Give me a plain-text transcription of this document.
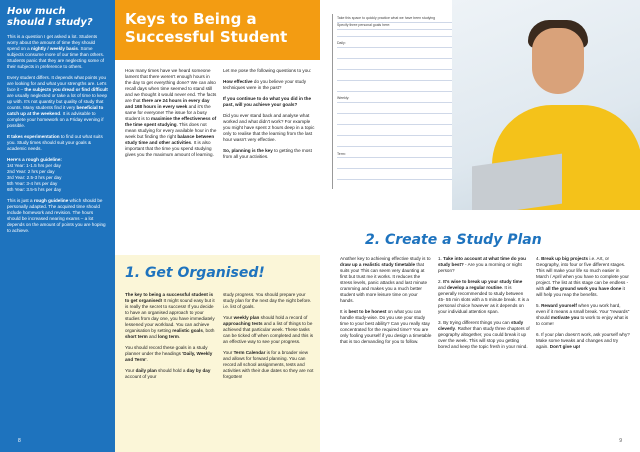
How much
should I study?

This is a question I get asked a lot. Students worry about the amount of time they should spend on a nightly / weekly basis. Some subjects consume more of our time than others. Students panic that they are neglecting some of their subjects in preference to others.

Every student differs. It depends what points you are looking for and what your strengths are. Let's face it – the subjects you dread or find difficult are usually neglected or take a lot of time to keep up with. It's not quantity but quality of study that counts. Many students find it very beneficial to catch up at the weekend. It is advisable to complete your homework on a Friday evening if possible.

It takes experimentation to find out what suits you. Study times should suit your goals & academic needs.

Here's a rough guideline:
1st Year: 1-1.5 hrs per day
2nd Year: 2 hrs per day
3rd Year: 2.5-3 hrs per day
5th Year: 3-4 hrs per day
6th Year: 3.5-5 hrs per day

This is just a rough guideline which should be personally adapted. The acquired time should include homework and revision. The hours should be increased nearing exams – a lot depends on the amount of points you are hoping to achieve.

8
Keys to Being a
Successful Student

How many times have we heard someone lament that there weren't enough hours in the day to get everything done? We can also recall days when time seemed to stand still and we thought it would never end. The facts are that there are 24 hours in every day and 168 hours in every week and it's the same for everyone! The issue for a busy student is to maximise the effectiveness of the time spent studying. This does not mean studying for every available hour in the week but finding the right balance between study time and other activities. It is also important that the time you spend studying gives you the maximum amount of learning.

Let me pose the following questions to you:

How effective do you believe your study techniques were in the past?

If you continue to do what you did in the past, will you achieve your goals?

Did you ever stand back and analyse what worked and what didn't work? For example you might have spent 2 hours deep in a topic only to realise that the learning from the last hour wasn't very effective.

So, planning is the key to getting the most from all your activities.

1. Get Organised!

The key to being a successful student is to get organised! It might sound easy but it is really the secret to success! If you decide to have an organised approach to your studies from day one, you have immediately lessened your workload. You can achieve organisation by setting realistic goals, both short term and long term.

You should record these goals in a study planner under the headings 'Daily, Weekly and Term'.

Your daily plan should hold a day by day account of your

study progress. You should prepare your study plan for the next day the night before. i.e. list of goals.

Your weekly plan should hold a record of approaching tests and a list of things to be achieved that particular week. These tasks can be ticked off when completed and this is an effective way to see your progress.

Your Term Calendar is for a broader view and allows for forward planning. You can record all school assignments, tests and activities with their due dates so they are not forgotten!

Take this space to quickly practice what we have been studying
Specify three personal goals here:
Daily:
Weekly:
Term:
2. Create a Study Plan

Another key to achieving effective study is to draw up a realistic study timetable that suits you! This can seem very daunting at first but trust me it works. It reduces the stress levels, panic attacks and last minute cramming and makes you a much better student with more leisure time on your hands.

It is best to be honest on what you can handle study-wise. Do you use your study time to your best ability? Can you really stay concentrated for the required time? You are only fooling yourself if you design a timetable that is too demanding for you to follow.

1. Take into account at what time do you study best? - Are you a morning or night person?

2. It's wise to break up your study time and develop a regular routine. It is generally recommended to study between 45- 55 min slots with a 5 minute break. It is a personal choice however as it depends on your individual attention span.

3. By trying different things you can study cleverly. Rather than study three chapters of geography altogether, you could break it up over the week. This will stop you getting bored and keep the topic fresh in your mind.

4. Break up big projects i.e. Art, or Geography, into four or five different stages. This will make your life so much easier in March / April when you have to complete your project. The list at this stage can be endless - with all the ground work you have done it will help you reap the benefits.

5. Reward yourself when you work hard, even if it means a small break. Your "rewards" should motivate you to work to enjoy what is to come!

6. If your plan doesn't work, ask yourself why? Make some tweaks and changes and try again. Don't give up!

9
